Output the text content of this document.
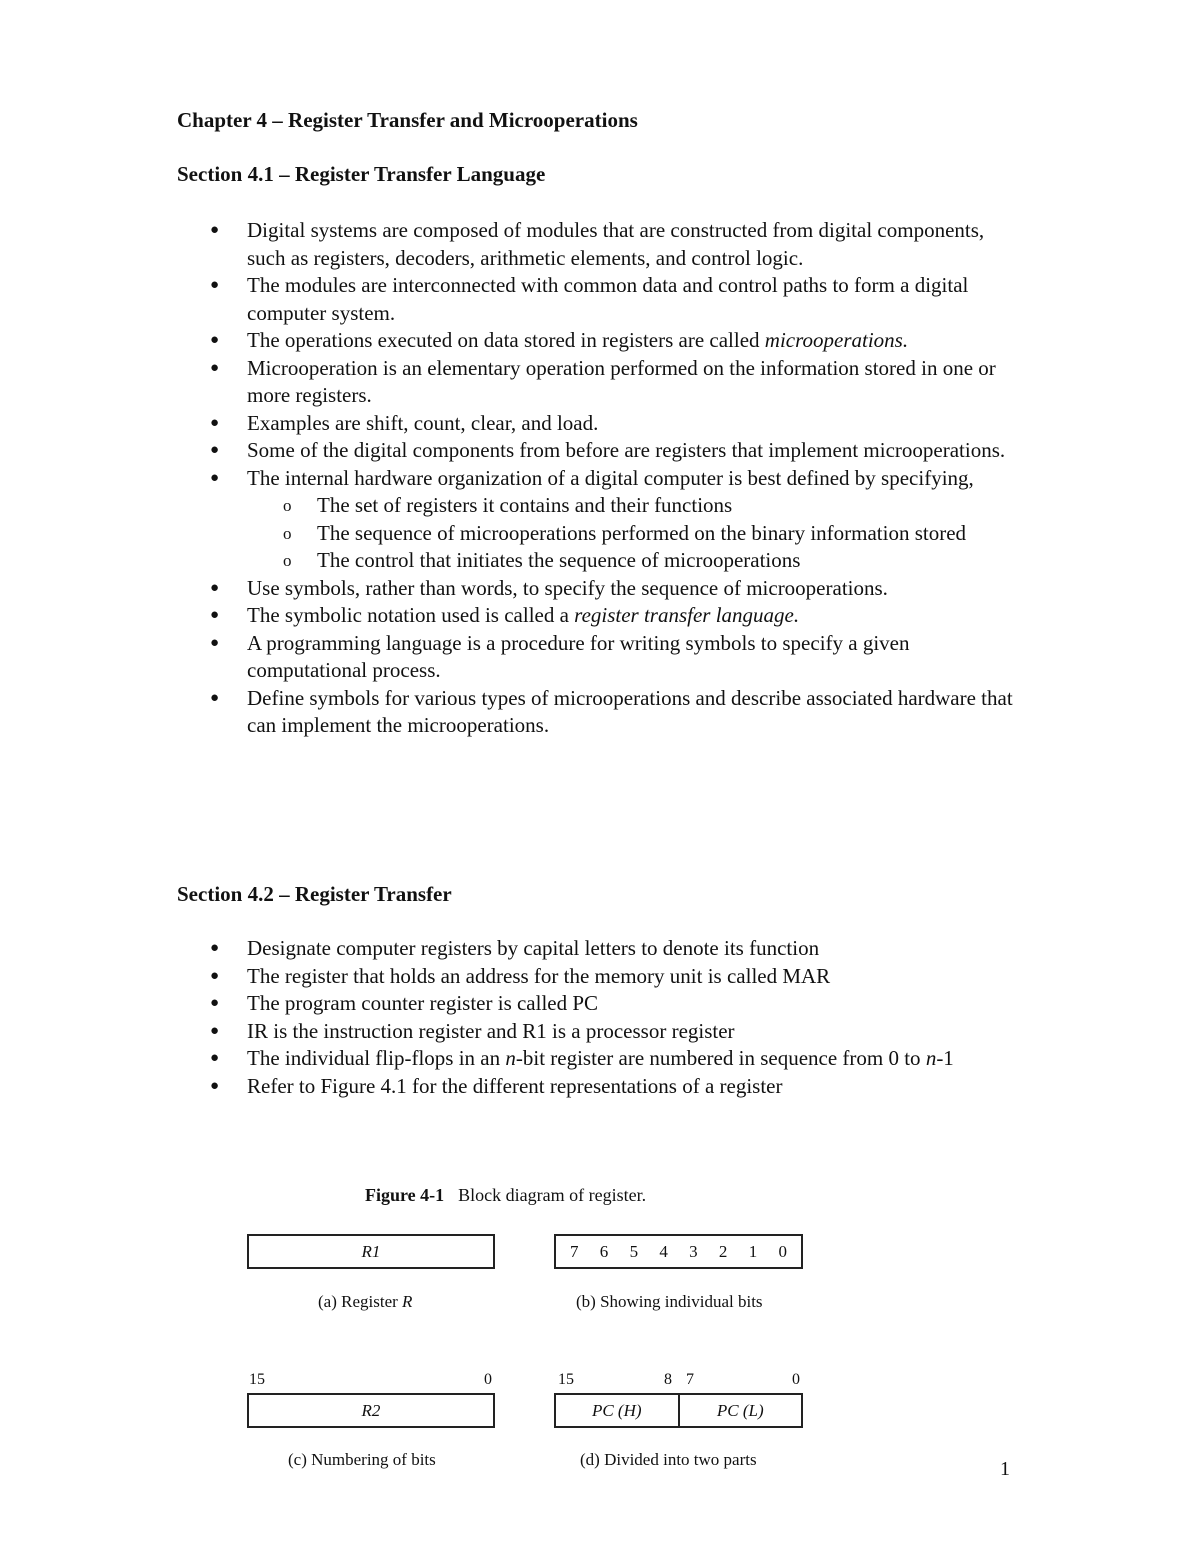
Chapter 4 – Register Transfer and Microoperations
Section 4.1 – Register Transfer Language
● Digital systems are composed of modules that are constructed from digital components, such as registers, decoders, arithmetic elements, and control logic.
● The modules are interconnected with common data and control paths to form a digital computer system.
● The operations executed on data stored in registers are called microoperations.
● Microoperation is an elementary operation performed on the information stored in one or more registers.
● Examples are shift, count, clear, and load.
● Some of the digital components from before are registers that implement microoperations.
● The internal hardware organization of a digital computer is best defined by specifying,
o The set of registers it contains and their functions
o The sequence of microoperations performed on the binary information stored
o The control that initiates the sequence of microoperations
● Use symbols, rather than words, to specify the sequence of microoperations.
● The symbolic notation used is called a register transfer language.
● A programming language is a procedure for writing symbols to specify a given computational process.
● Define symbols for various types of microoperations and describe associated hardware that can implement the microoperations.
Section 4.2 – Register Transfer
● Designate computer registers by capital letters to denote its function
● The register that holds an address for the memory unit is called MAR
● The program counter register is called PC
● IR is the instruction register and R1 is a processor register
● The individual flip-flops in an n-bit register are numbered in sequence from 0 to n-1
● Refer to Figure 4.1 for the different representations of a register
Figure 4-1 Block diagram of register.
R1
(a) Register R
7 6 5 4 3 2 1 0
(b) Showing individual bits
15	0
R2
(c) Numbering of bits
15	8 7	0
PC (H)	PC (L)
(d) Divided into two parts	1
